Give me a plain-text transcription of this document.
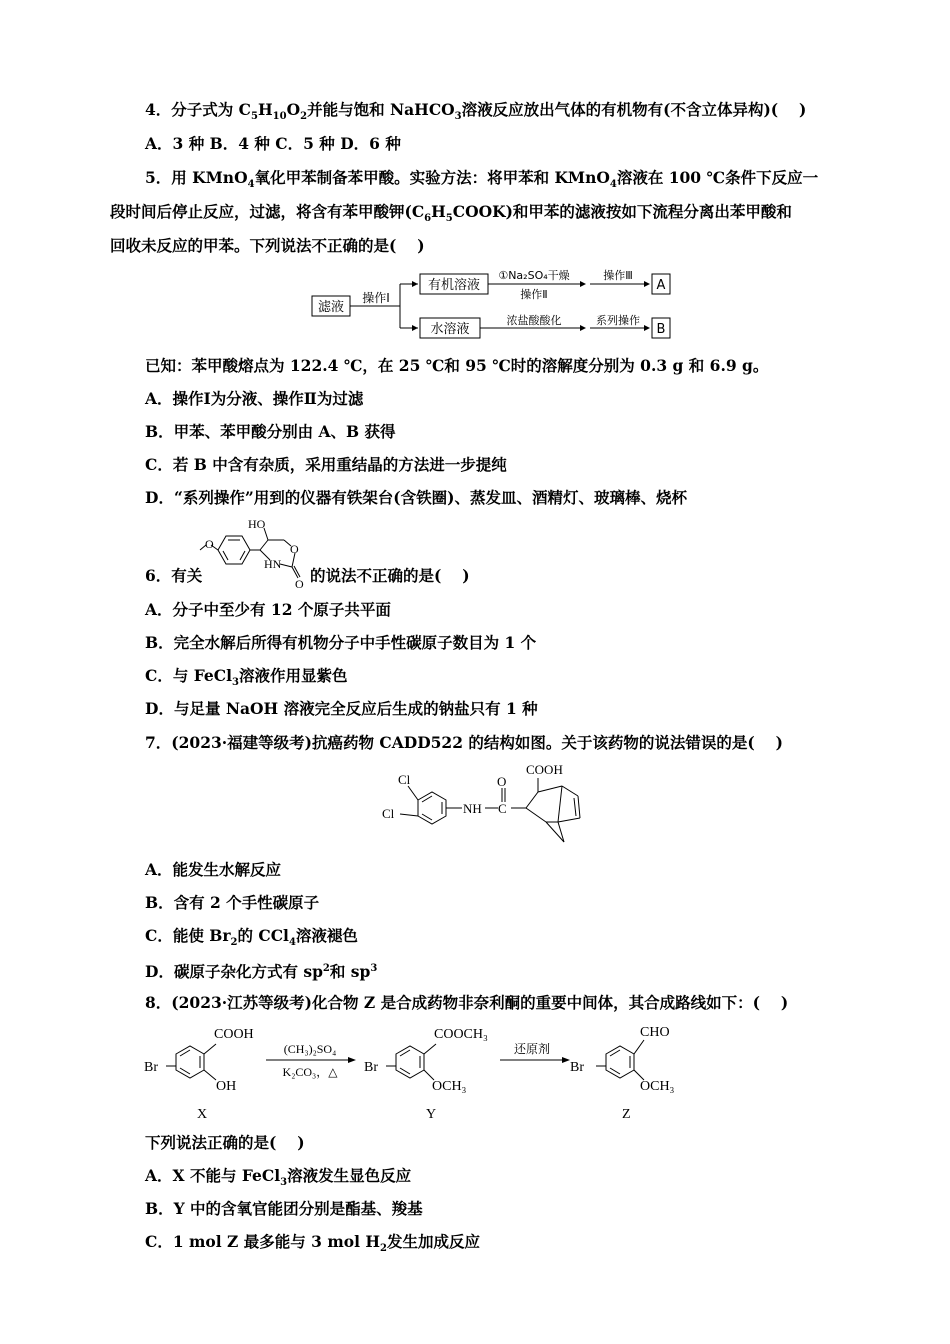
4．分子式为 $C_5H_{10}O_2$并能与饱和 NaHCO$_3$溶液反应放出气体的有机物有(不含立体异构)(　 )
A．3 种 B．4 种 C．5 种 D．6 种
5．用 KMnO$_4$氧化甲苯制备苯甲酸。实验方法：将甲苯和 KMnO$_4$溶液在 100 ℃条件下反应一
段时间后停止反应，过滤，将含有苯甲酸钾$(C_6H_5COOK)$和甲苯的滤液按如下流程分离出苯甲酸和
回收未反应的甲苯。下列说法不正确的是(　 )
滤液
操作Ⅰ
有机溶液
①Na₂SO₄干燥
操作Ⅱ
操作Ⅲ
A
水溶液
浓盐酸酸化	系列操作
B
已知：苯甲酸熔点为 122.4 ℃，在 25 ℃和 95 ℃时的溶解度分别为 0.3 g 和 6.9 g。
A．操作Ⅰ为分液、操作Ⅱ为过滤
B．甲苯、苯甲酸分别由 A、B 获得
C．若 B 中含有杂质，采用重结晶的方法进一步提纯
D．“系列操作”用到的仪器有铁架台(含铁圈)、蒸发皿、酒精灯、玻璃棒、烧杯
6．有关
O
HO
O
HN
O 的说法不正确的是(　 )
A．分子中至少有 12 个原子共平面
B．完全水解后所得有机物分子中手性碳原子数目为 1 个
C．与 FeCl$_3$溶液作用显紫色
D．与足量 NaOH 溶液完全反应后生成的钠盐只有 1 种
7．(2023·福建等级考)抗癌药物 CADD522 的结构如图。关于该药物的说法错误的是(　 )
Cl
Cl	NH C
O
COOH
A．能发生水解反应
B．含有 2 个手性碳原子
C．能使 $Br_2$的 CCl$_4$溶液褪色
D．碳原子杂化方式有 $sp^2$和 $sp^3$
8．(2023·江苏等级考)化合物 Z 是合成药物非奈利酮的重要中间体，其合成路线如下：(　 )
COOH
Br
OH
X
(CH₃)₂SO₄
K₂CO₃，△
COOCH₃
Br
OCH₃
Y
还原剂
CHO
Br
OCH₃
Z
下列说法正确的是(　 )
A．X 不能与 FeCl$_3$溶液发生显色反应
B．Y 中的含氧官能团分别是酯基、羧基
C．1 mol Z 最多能与 3 mol $H_2$发生加成反应
